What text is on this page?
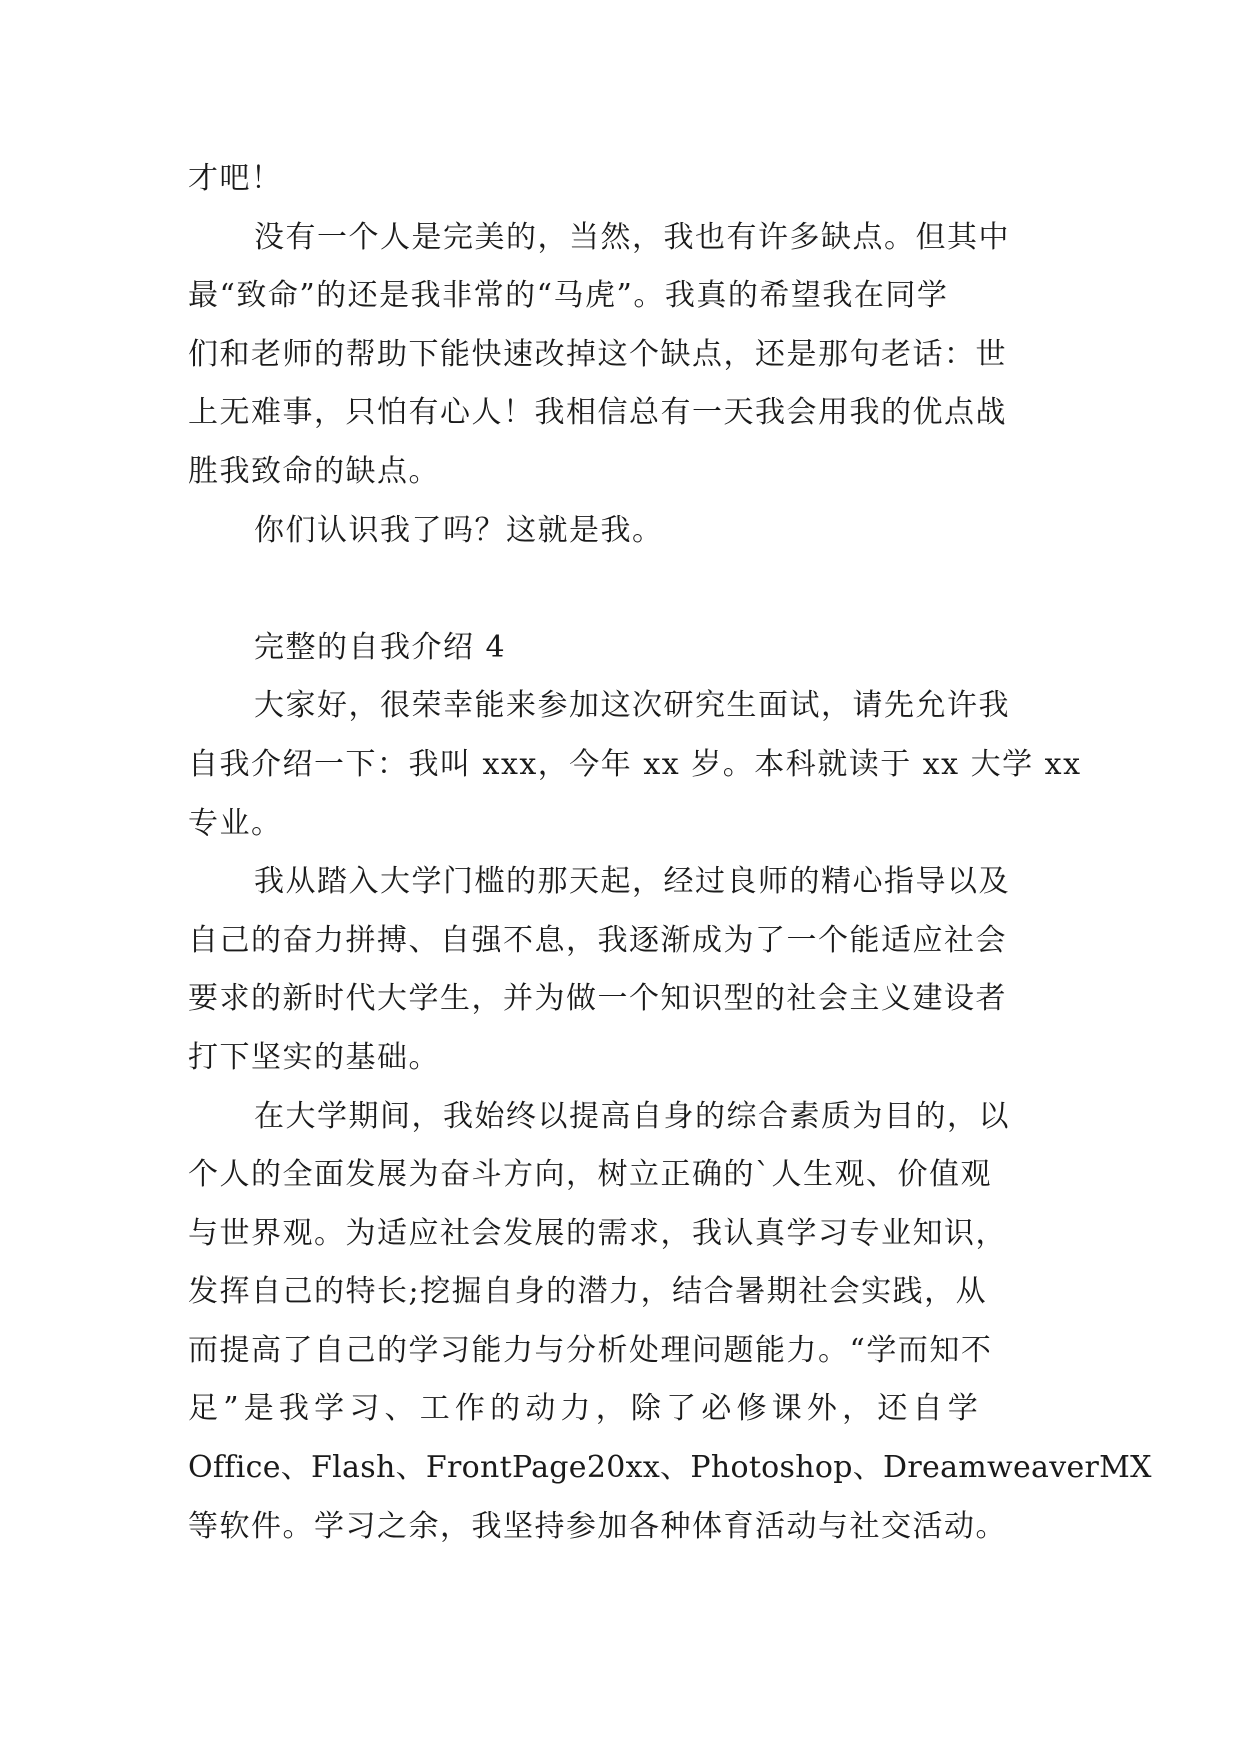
才吧！
没有一个人是完美的，当然，我也有许多缺点。但其中
最“致命”的还是我非常的“马虎”。我真的希望我在同学
们和老师的帮助下能快速改掉这个缺点，还是那句老话：世
上无难事，只怕有心人！我相信总有一天我会用我的优点战
胜我致命的缺点。
你们认识我了吗？这就是我。
完整的自我介绍 4
大家好，很荣幸能来参加这次研究生面试，请先允许我
自我介绍一下：我叫 xxx，今年 xx 岁。本科就读于 xx 大学 xx
专业。
我从踏入大学门槛的那天起，经过良师的精心指导以及
自己的奋力拼搏、自强不息，我逐渐成为了一个能适应社会
要求的新时代大学生，并为做一个知识型的社会主义建设者
打下坚实的基础。
在大学期间，我始终以提高自身的综合素质为目的，以
个人的全面发展为奋斗方向，树立正确的`人生观、价值观
与世界观。为适应社会发展的需求，我认真学习专业知识，
发挥自己的特长;挖掘自身的潜力，结合暑期社会实践，从
而提高了自己的学习能力与分析处理问题能力。“学而知不
足”是我学习、工作的动力，除了必修课外，还自学
Office、Flash、FrontPage20xx、Photoshop、DreamweaverMX
等软件。学习之余，我坚持参加各种体育活动与社交活动。
